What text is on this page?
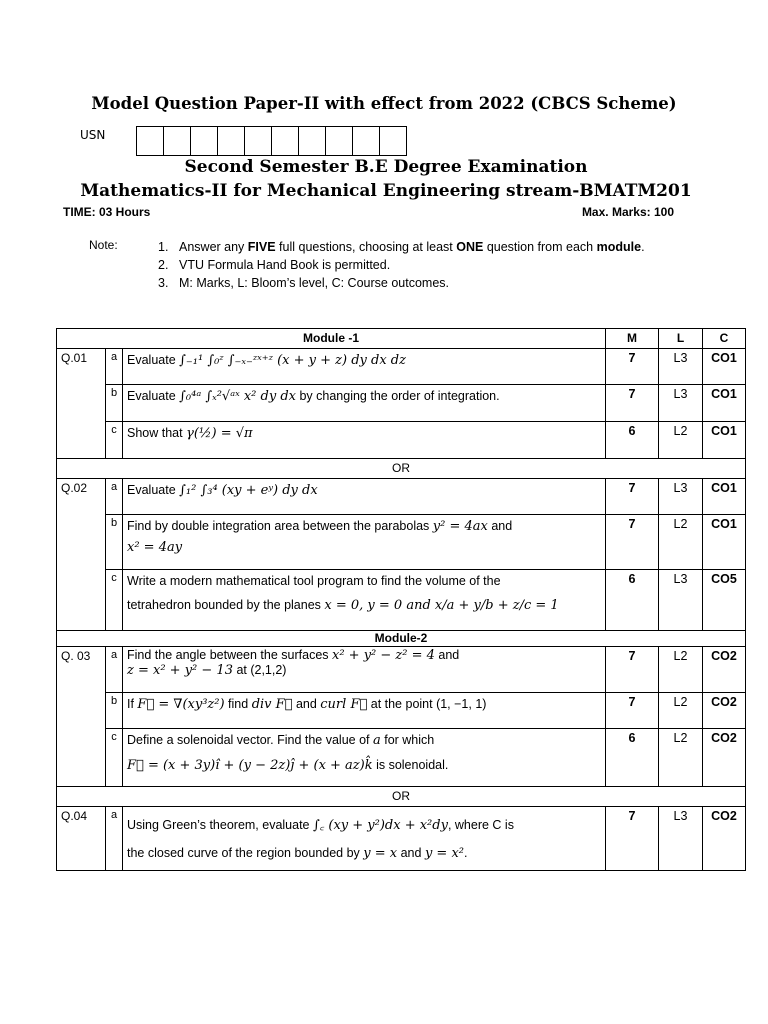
Model Question Paper-II with effect from 2022 (CBCS Scheme)
USN
Second Semester B.E Degree Examination
Mathematics-II for Mechanical Engineering stream-BMATM201
TIME: 03 Hours	Max. Marks: 100
Note:	1. Answer any FIVE full questions, choosing at least ONE question from each module.
2. VTU Formula Hand Book is permitted.
3. M: Marks, L: Bloom’s level, C: Course outcomes.
Module -1			M	L	C
Q.01	a	Evaluate ∫₋₁¹ ∫₀ᶻ ∫₋ₓ₋ᶻˣ⁺ᶻ (x + y + z) dy dx dz	7	L3	CO1
	b	Evaluate ∫₀⁴ᵃ ∫ₓ²√ᵃˣ x² dy dx by changing the order of integration.	7	L3	CO1
	c	Show that γ(½) = √π	6	L2	CO1
OR					
Q.02	a	Evaluate ∫₁² ∫₃⁴ (xy + eʸ) dy dx	7	L3	CO1
	b	Find by double integration area between the parabolas y² = 4ax and
x² = 4ay	7	L2	CO1
	c	Write a modern mathematical tool program to find the volume of the
tetrahedron bounded by the planes x = 0, y = 0 and x/a + y/b + z/c = 1	6	L3	CO5
Module-2					
Q. 03	a	Find the angle between the surfaces x² + y² − z² = 4 and
z = x² + y² − 13 at (2,1,2)	7	L2	CO2
	b	If F⃗ = ∇(xy³z²) find div F⃗ and curl F⃗ at the point (1, −1, 1)	7	L2	CO2
	c	Define a solenoidal vector. Find the value of a for which
F⃗ = (x + 3y)î + (y − 2z)ĵ + (x + az)k̂ is solenoidal.	6	L2	CO2
OR					
Q.04	a	Using Green’s theorem, evaluate ∫꜀ (xy + y²)dx + x²dy, where C is
the closed curve of the region bounded by y = x and y = x².	7	L3	CO2
